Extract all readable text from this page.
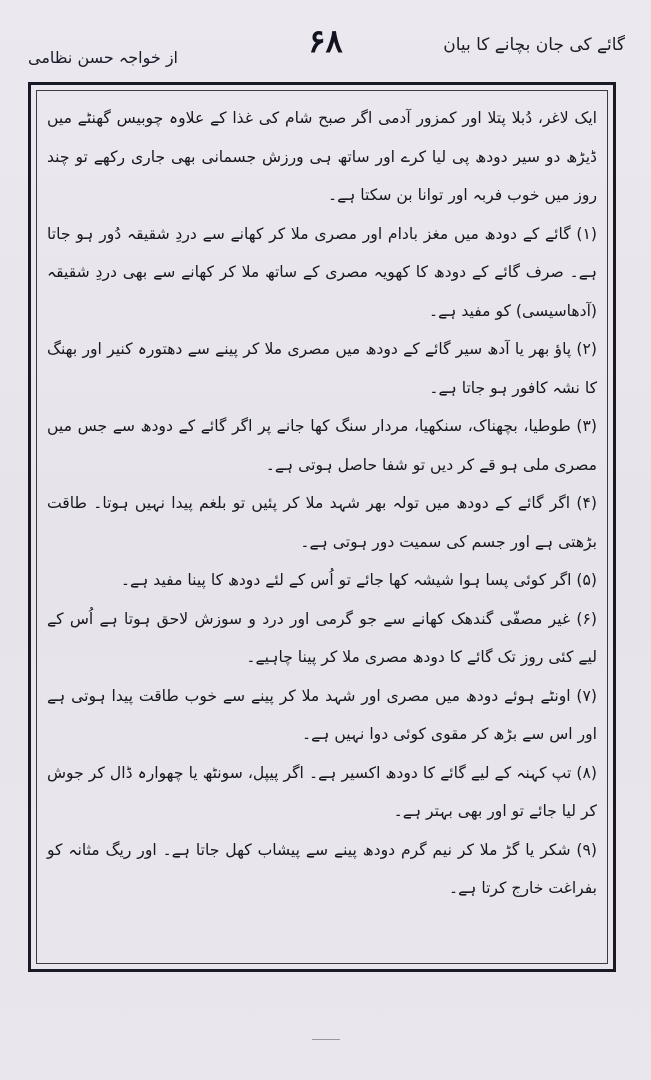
گائے کی جان بچانے کا بیان
۶۸
از خواجہ حسن نظامی

ایک لاغر، دُبلا پتلا اور کمزور آدمی اگر صبح شام کی غذا کے علاوہ چوبیس گھنٹے میں ڈیڑھ دو سیر دودھ پی لیا کرے اور ساتھ ہی ورزش جسمانی بھی جاری رکھے تو چند روز میں خوب فربہ اور توانا بن سکتا ہے۔

(۱) گائے کے دودھ میں مغز بادام اور مصری ملا کر کھانے سے دردِ شقیقہ دُور ہو جاتا ہے۔ صرف گائے کے دودھ کا کھویہ مصری کے ساتھ ملا کر کھانے سے بھی دردِ شقیقہ (آدھاسیسی) کو مفید ہے۔

(۲) پاؤ بھر یا آدھ سیر گائے کے دودھ میں مصری ملا کر پینے سے دھتورہ کنیر اور بھنگ کا نشہ کافور ہو جاتا ہے۔

(۳) طوطیا، بچھناک، سنکھیا، مردار سنگ کھا جانے پر اگر گائے کے دودھ سے جس میں مصری ملی ہو قے کر دیں تو شفا حاصل ہوتی ہے۔

(۴) اگر گائے کے دودھ میں تولہ بھر شہد ملا کر پئیں تو بلغم پیدا نہیں ہوتا۔ طاقت بڑھتی ہے اور جسم کی سمیت دور ہوتی ہے۔

(۵) اگر کوئی پسا ہوا شیشہ کھا جائے تو اُس کے لئے دودھ کا پینا مفید ہے۔

(۶) غیر مصفّی گندھک کھانے سے جو گرمی اور درد و سوزش لاحق ہوتا ہے اُس کے لیے کئی روز تک گائے کا دودھ مصری ملا کر پینا چاہیے۔

(۷) اونٹے ہوئے دودھ میں مصری اور شہد ملا کر پینے سے خوب طاقت پیدا ہوتی ہے اور اس سے بڑھ کر مقوی کوئی دوا نہیں ہے۔

(۸) تپ کہنہ کے لیے گائے کا دودھ اکسیر ہے۔ اگر پیپل، سونٹھ یا چھوارہ ڈال کر جوش کر لیا جائے تو اور بھی بہتر ہے۔

(۹) شکر یا گڑ ملا کر نیم گرم دودھ پینے سے پیشاب کھل جاتا ہے۔ اور ریگ مثانہ کو بفراغت خارج کرتا ہے۔
